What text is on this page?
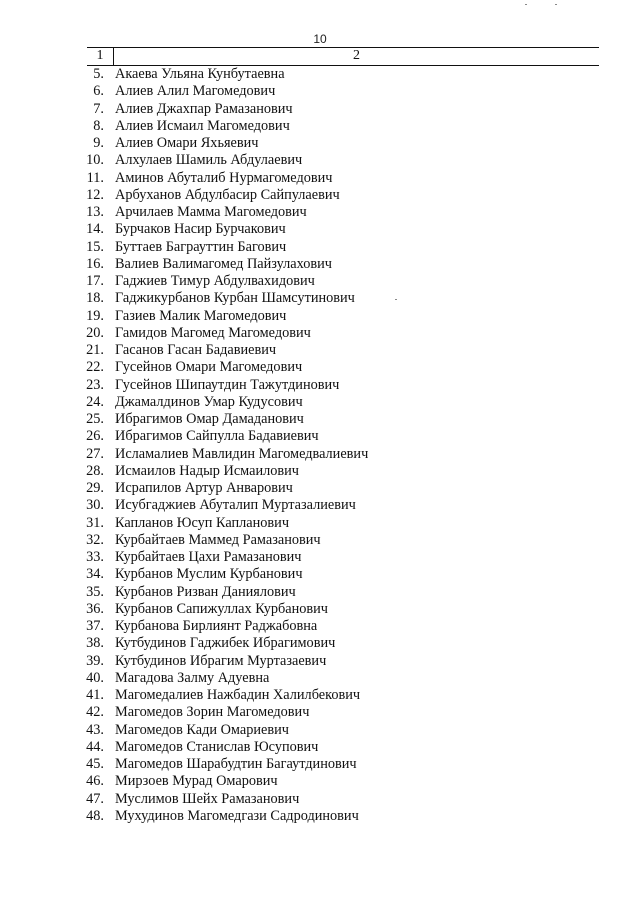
10
1	2
5. Акаева Ульяна Кунбутаевна
6. Алиев Алил Магомедович
7. Алиев Джахпар Рамазанович
8. Алиев Исмаил Магомедович
9. Алиев Омари Яхьяевич
10. Алхулаев Шамиль Абдулаевич
11. Аминов Абуталиб Нурмагомедович
12. Арбуханов Абдулбасир Сайпулаевич
13. Арчилаев Мамма Магомедович
14. Бурчаков Насир Бурчакович
15. Буттаев Баграуттин Багович
16. Валиев Валимагомед Пайзулахович
17. Гаджиев Тимур Абдулвахидович
18. Гаджикурбанов Курбан Шамсутинович
19. Газиев Малик Магомедович
20. Гамидов Магомед Магомедович
21. Гасанов Гасан Бадавиевич
22. Гусейнов Омари Магомедович
23. Гусейнов Шипаутдин Тажутдинович
24. Джамалдинов Умар Кудусович
25. Ибрагимов Омар Дамаданович
26. Ибрагимов Сайпулла Бадавиевич
27. Исламалиев Мавлидин Магомедвалиевич
28. Исмаилов Надыр Исмаилович
29. Исрапилов Артур Анварович
30. Исубгаджиев Абуталип Муртазалиевич
31. Капланов Юсуп Капланович
32. Курбайтаев Маммед Рамазанович
33. Курбайтаев Цахи Рамазанович
34. Курбанов Муслим Курбанович
35. Курбанов Ризван Даниялович
36. Курбанов Сапижуллах Курбанович
37. Курбанова Бирлиянт Раджабовна
38. Кутбудинов Гаджибек Ибрагимович
39. Кутбудинов Ибрагим Муртазаевич
40. Магадова Залму Адуевна
41. Магомедалиев Нажбадин Халилбекович
42. Магомедов Зорин Магомедович
43. Магомедов Кади Омариевич
44. Магомедов Станислав Юсупович
45. Магомедов Шарабудтин Багаутдинович
46. Мирзоев Мурад Омарович
47. Муслимов Шейх Рамазанович
48. Мухудинов Магомедгази Садродинович
